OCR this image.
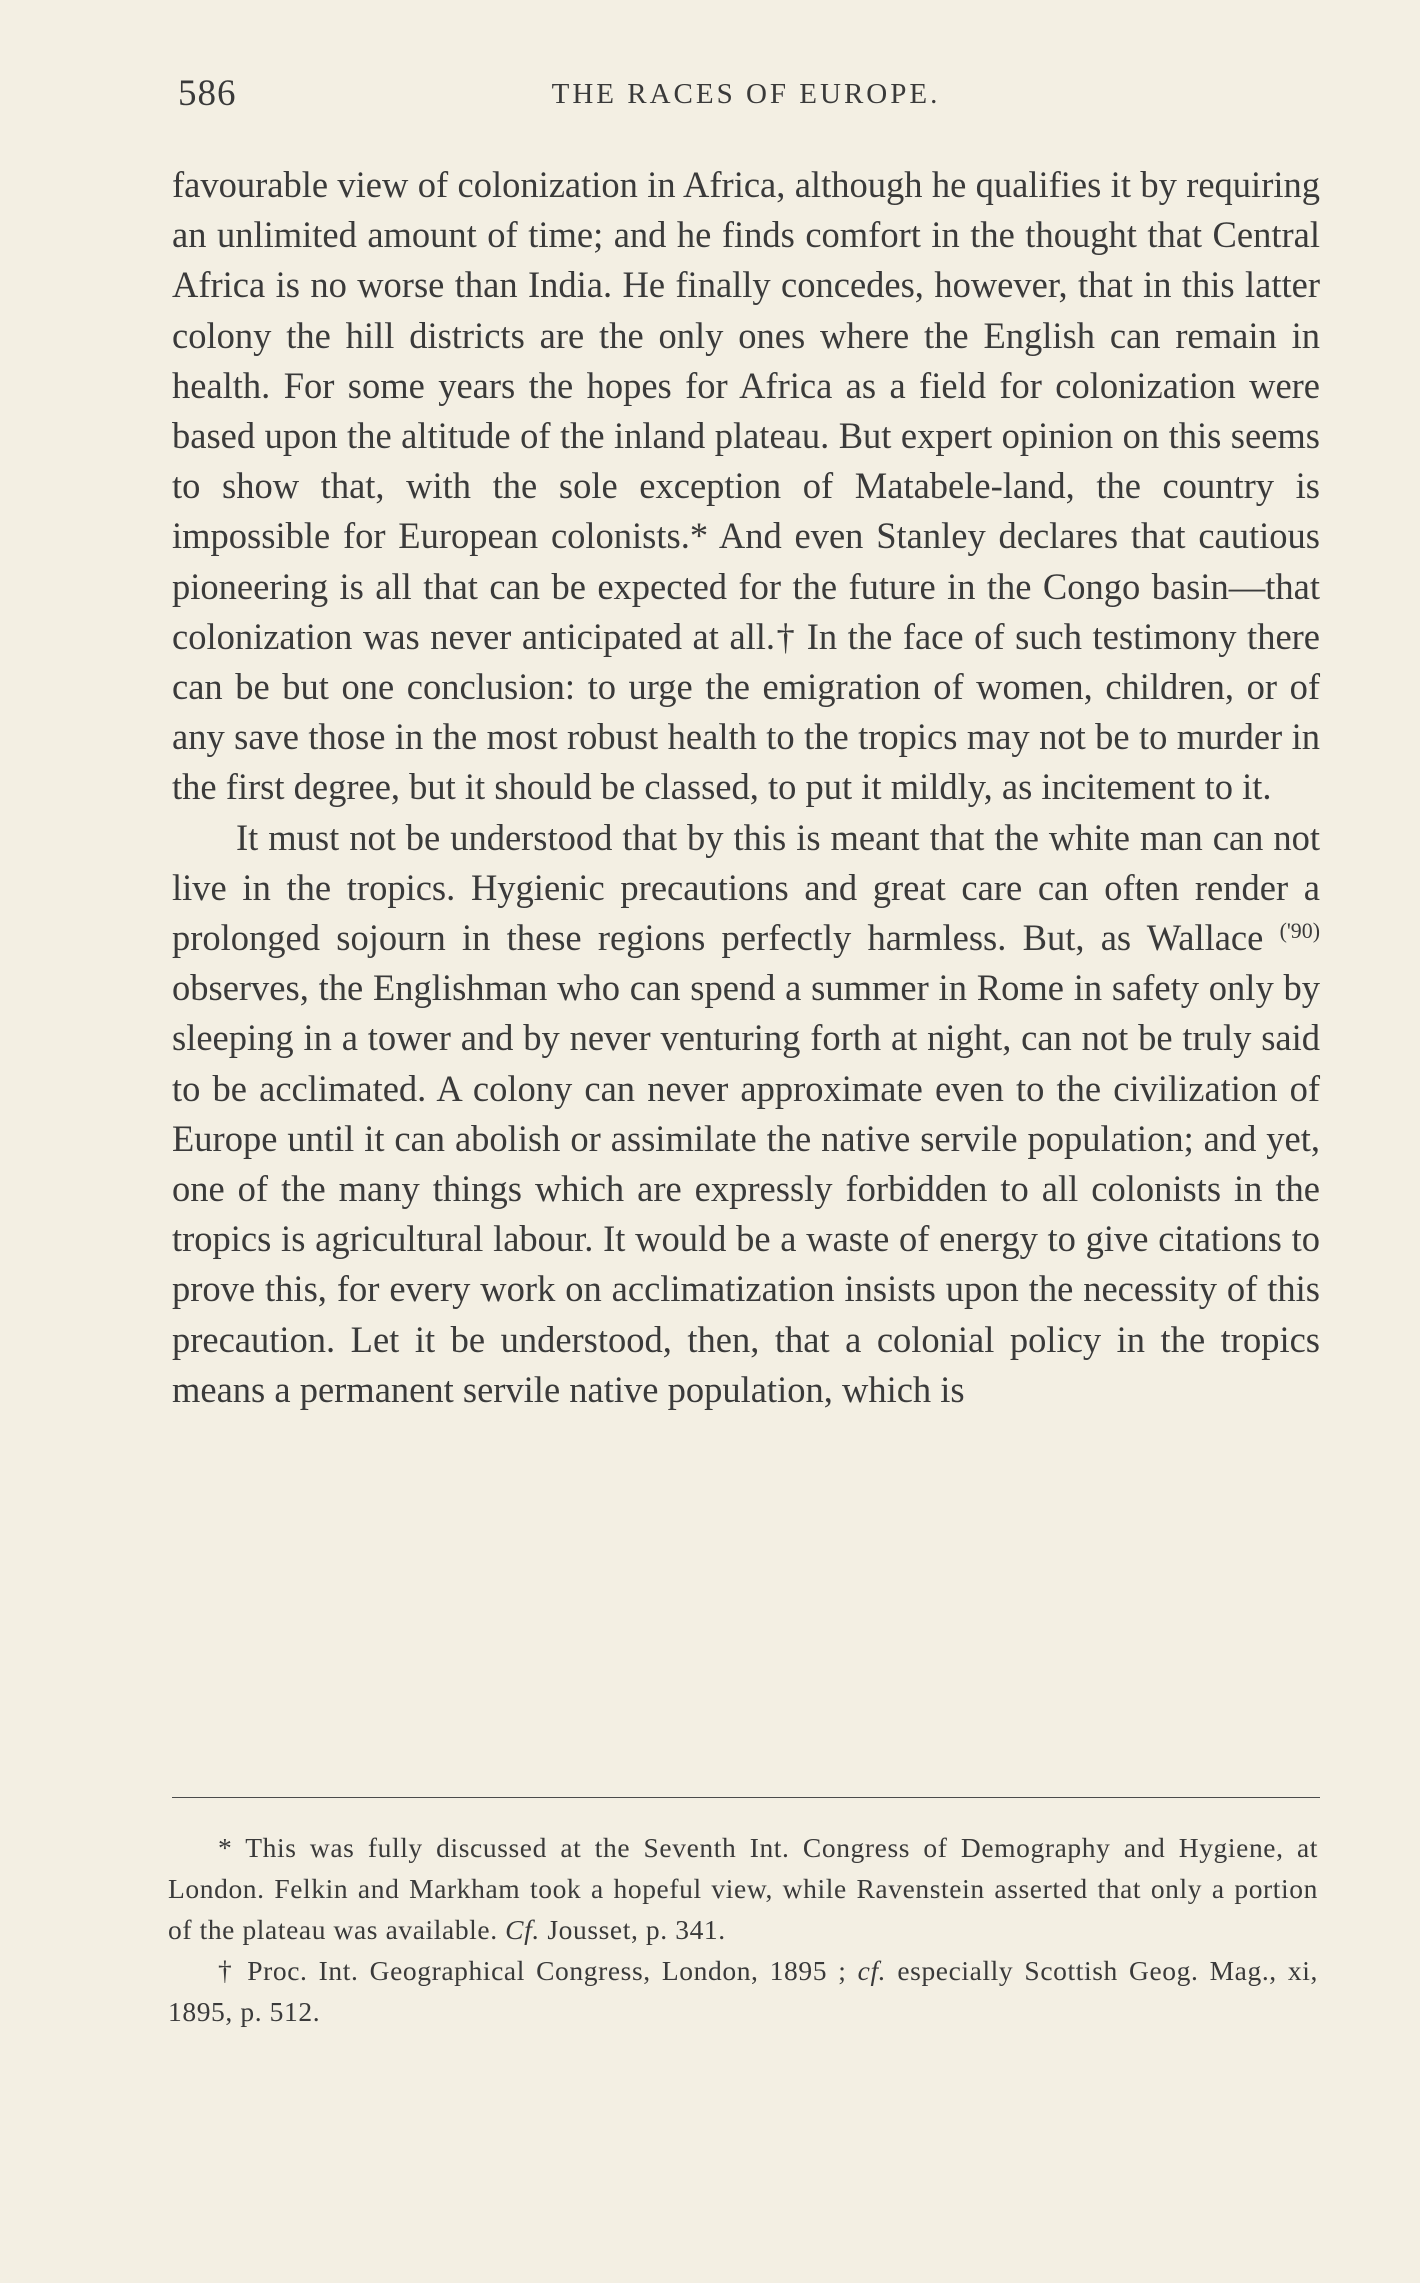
586	THE RACES OF EUROPE.

favourable view of colonization in Africa, although he qualifies it by requiring an unlimited amount of time; and he finds comfort in the thought that Central Africa is no worse than India. He finally concedes, however, that in this latter colony the hill districts are the only ones where the English can remain in health. For some years the hopes for Africa as a field for colonization were based upon the altitude of the inland plateau. But expert opinion on this seems to show that, with the sole exception of Matabele-land, the country is impossible for European colonists.* And even Stanley declares that cautious pioneering is all that can be expected for the future in the Congo basin—that colonization was never anticipated at all.† In the face of such testimony there can be but one conclusion: to urge the emigration of women, children, or of any save those in the most robust health to the tropics may not be to murder in the first degree, but it should be classed, to put it mildly, as incitement to it.

It must not be understood that by this is meant that the white man can not live in the tropics. Hygienic precautions and great care can often render a prolonged sojourn in these regions perfectly harmless. But, as Wallace $^{('90)}$ observes, the Englishman who can spend a summer in Rome in safety only by sleeping in a tower and by never venturing forth at night, can not be truly said to be acclimated. A colony can never approximate even to the civilization of Europe until it can abolish or assimilate the native servile population; and yet, one of the many things which are expressly forbidden to all colonists in the tropics is agricultural labour. It would be a waste of energy to give citations to prove this, for every work on acclimatization insists upon the necessity of this precaution. Let it be understood, then, that a colonial policy in the tropics means a permanent servile native population, which is

* This was fully discussed at the Seventh Int. Congress of Demography and Hygiene, at London. Felkin and Markham took a hopeful view, while Ravenstein asserted that only a portion of the plateau was available. Cf. Jousset, p. 341.

† Proc. Int. Geographical Congress, London, 1895 ; cf. especially Scottish Geog. Mag., xi, 1895, p. 512.
